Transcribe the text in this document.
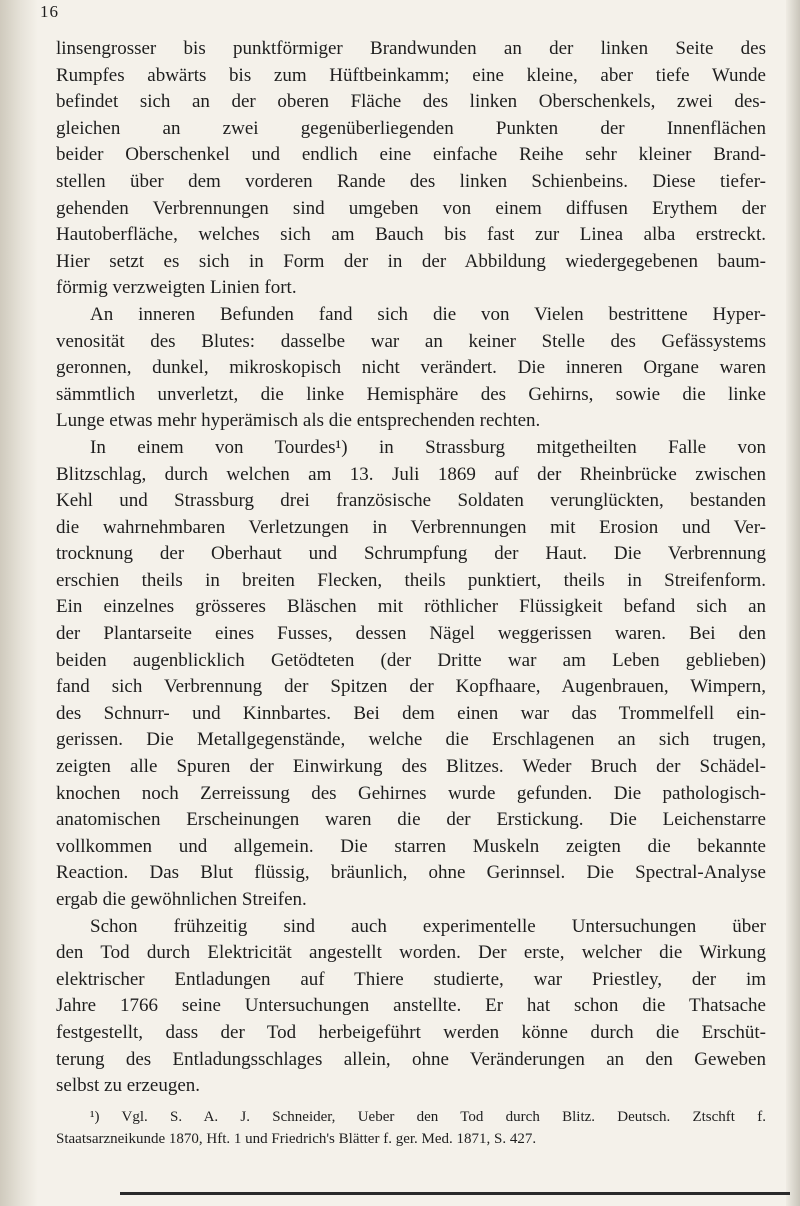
16
linsengrosser bis punktförmiger Brandwunden an der linken Seite des
Rumpfes abwärts bis zum Hüftbeinkamm; eine kleine, aber tiefe Wunde
befindet sich an der oberen Fläche des linken Oberschenkels, zwei des-
gleichen an zwei gegenüberliegenden Punkten der Innenflächen
beider Oberschenkel und endlich eine einfache Reihe sehr kleiner Brand-
stellen über dem vorderen Rande des linken Schienbeins. Diese tiefer-
gehenden Verbrennungen sind umgeben von einem diffusen Erythem der
Hautoberfläche, welches sich am Bauch bis fast zur Linea alba erstreckt.
Hier setzt es sich in Form der in der Abbildung wiedergegebenen baum-
förmig verzweigten Linien fort.
An inneren Befunden fand sich die von Vielen bestrittene Hyper-
venosität des Blutes: dasselbe war an keiner Stelle des Gefässystems
geronnen, dunkel, mikroskopisch nicht verändert. Die inneren Organe waren
sämmtlich unverletzt, die linke Hemisphäre des Gehirns, sowie die linke
Lunge etwas mehr hyperämisch als die entsprechenden rechten.
In einem von Tourdes¹) in Strassburg mitgetheilten Falle von
Blitzschlag, durch welchen am 13. Juli 1869 auf der Rheinbrücke zwischen
Kehl und Strassburg drei französische Soldaten verunglückten, bestanden
die wahrnehmbaren Verletzungen in Verbrennungen mit Erosion und Ver-
trocknung der Oberhaut und Schrumpfung der Haut. Die Verbrennung
erschien theils in breiten Flecken, theils punktiert, theils in Streifenform.
Ein einzelnes grösseres Bläschen mit röthlicher Flüssigkeit befand sich an
der Plantarseite eines Fusses, dessen Nägel weggerissen waren. Bei den
beiden augenblicklich Getödteten (der Dritte war am Leben geblieben)
fand sich Verbrennung der Spitzen der Kopfhaare, Augenbrauen, Wimpern,
des Schnurr- und Kinnbartes. Bei dem einen war das Trommelfell ein-
gerissen. Die Metallgegenstände, welche die Erschlagenen an sich trugen,
zeigten alle Spuren der Einwirkung des Blitzes. Weder Bruch der Schädel-
knochen noch Zerreissung des Gehirnes wurde gefunden. Die pathologisch-
anatomischen Erscheinungen waren die der Erstickung. Die Leichenstarre
vollkommen und allgemein. Die starren Muskeln zeigten die bekannte
Reaction. Das Blut flüssig, bräunlich, ohne Gerinnsel. Die Spectral-Analyse
ergab die gewöhnlichen Streifen.
Schon frühzeitig sind auch experimentelle Untersuchungen über
den Tod durch Elektricität angestellt worden. Der erste, welcher die Wirkung
elektrischer Entladungen auf Thiere studierte, war Priestley, der im
Jahre 1766 seine Untersuchungen anstellte. Er hat schon die Thatsache
festgestellt, dass der Tod herbeigeführt werden könne durch die Erschüt-
terung des Entladungsschlages allein, ohne Veränderungen an den Geweben
selbst zu erzeugen.
¹) Vgl. S. A. J. Schneider, Ueber den Tod durch Blitz. Deutsch. Ztschft f.
Staatsarzneikunde 1870, Hft. 1 und Friedrich's Blätter f. ger. Med. 1871, S. 427.
